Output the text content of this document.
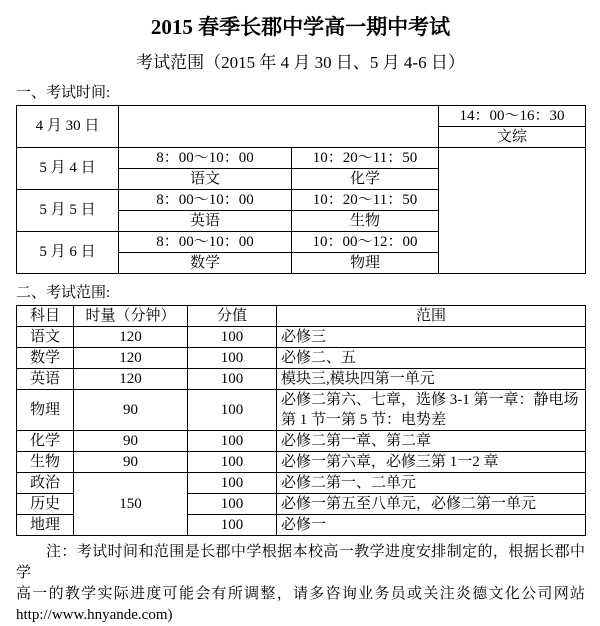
2015 春季长郡中学高一期中考试
考试范围（2015 年 4 月 30 日、5 月 4-6 日）
一、考试时间:
4 月 30 日			14：00～16：30
			文综
5 月 4 日	8：00～10：00	10：20～11：50	
	语文	化学	
5 月 5 日	8：00～10：00	10：20～11：50	
	英语	生物	
5 月 6 日	8：00～10：00	10：00～12：00	
	数学	物理	
二、考试范围:
科目	时量（分钟）	分值	范围
语文	120	100	必修三
数学	120	100	必修二、五
英语	120	100	模块三,模块四第一单元
物理	90	100	必修二第六、七章，选修 3-1 第一章：静电场第 1 节一第 5 节：电势差
化学	90	100	必修二第一章、第二章
生物	90	100	必修一第六章，必修三第 1一2 章
政治	150	100	必修二第一、二单元
历史		100	必修一第五至八单元，必修二第一单元
地理		100	必修一
注：考试时间和范围是长郡中学根据本校高一教学进度安排制定的，根据长郡中学
高一的教学实际进度可能会有所调整，请多咨询业务员或关注炎德文化公司网站
http://www.hnyande.com)
